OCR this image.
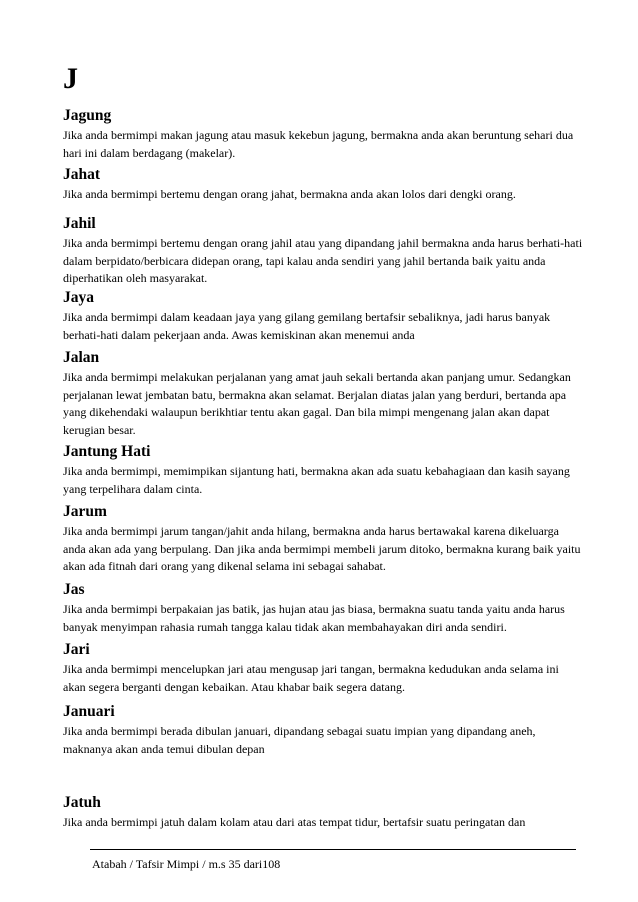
J
Jagung

Jika anda bermimpi makan jagung atau masuk kekebun jagung, bermakna anda akan beruntung sehari dua hari ini dalam berdagang (makelar).

Jahat

Jika anda bermimpi bertemu dengan orang jahat, bermakna anda akan lolos dari dengki orang.

Jahil

Jika anda bermimpi bertemu dengan orang jahil atau yang dipandang jahil bermakna anda harus berhati-hati dalam berpidato/berbicara didepan orang, tapi kalau anda sendiri yang jahil bertanda baik yaitu anda diperhatikan oleh masyarakat.

Jaya

Jika anda bermimpi dalam keadaan jaya yang gilang gemilang bertafsir sebaliknya, jadi harus banyak berhati-hati dalam pekerjaan anda. Awas kemiskinan akan menemui anda

Jalan

Jika anda bermimpi melakukan perjalanan yang amat jauh sekali bertanda akan panjang umur. Sedangkan perjalanan lewat jembatan batu, bermakna akan selamat. Berjalan diatas jalan yang berduri, bertanda apa yang dikehendaki walaupun berikhtiar tentu akan gagal. Dan bila mimpi mengenang jalan akan dapat kerugian besar.

Jantung Hati

Jika anda bermimpi, memimpikan sijantung hati, bermakna akan ada suatu kebahagiaan dan kasih sayang yang terpelihara dalam cinta.

Jarum

Jika anda bermimpi jarum tangan/jahit anda hilang, bermakna anda harus bertawakal karena dikeluarga anda akan ada yang berpulang. Dan jika anda bermimpi membeli jarum ditoko, bermakna kurang baik yaitu akan ada fitnah dari orang yang dikenal selama ini sebagai sahabat.

Jas

Jika anda bermimpi berpakaian jas batik, jas hujan atau jas biasa, bermakna suatu tanda yaitu anda harus banyak menyimpan rahasia rumah tangga kalau tidak akan membahayakan diri anda sendiri.

Jari

Jika anda bermimpi mencelupkan jari atau mengusap jari tangan, bermakna kedudukan anda selama ini akan segera berganti dengan kebaikan. Atau khabar baik segera datang.

Januari

Jika anda bermimpi berada dibulan januari, dipandang sebagai suatu impian yang dipandang aneh, maknanya akan anda temui dibulan depan

Jatuh

Jika anda bermimpi jatuh dalam kolam atau dari atas tempat tidur, bertafsir suatu peringatan dan

Atabah / Tafsir Mimpi / m.s 35 dari108
